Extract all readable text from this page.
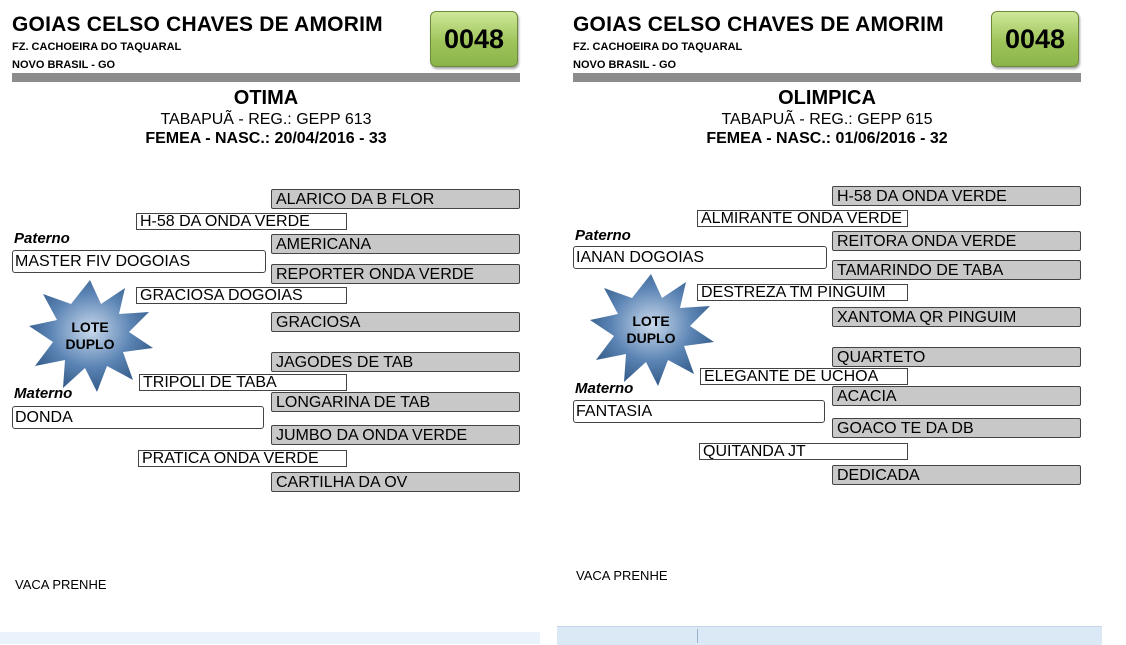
GOIAS CELSO CHAVES DE AMORIM
FZ. CACHOEIRA DO TAQUARAL
NOVO BRASIL - GO
0048
OTIMA
TABAPUÃ - REG.: GEPP 613
FEMEA - NASC.: 20/04/2016 - 33
ALARICO DA B FLOR
H-58 DA ONDA VERDE
Paterno	AMERICANA
MASTER FIV DOGOIAS
REPORTER ONDA VERDE
GRACIOSA DOGOIAS
GRACIOSA
LOTE
DUPLO
JAGODES DE TAB
TRIPOLI DE TABA
Materno
LONGARINA DE TAB
DONDA
JUMBO DA ONDA VERDE
PRATICA ONDA VERDE
CARTILHA DA OV
VACA PRENHE
GOIAS CELSO CHAVES DE AMORIM
FZ. CACHOEIRA DO TAQUARAL
NOVO BRASIL - GO
0048
OLIMPICA
TABAPUÃ - REG.: GEPP 615
FEMEA - NASC.: 01/06/2016 - 32
H-58 DA ONDA VERDE
ALMIRANTE ONDA VERDE
Paterno	REITORA ONDA VERDE
IANAN DOGOIAS
TAMARINDO DE TABA
DESTREZA TM PINGUIM
XANTOMA QR PINGUIM
LOTE
DUPLO
QUARTETO
ELEGANTE DE UCHOA
Materno	ACACIA
FANTASIA
GOACO TE DA DB
QUITANDA JT
DEDICADA
VACA PRENHE
